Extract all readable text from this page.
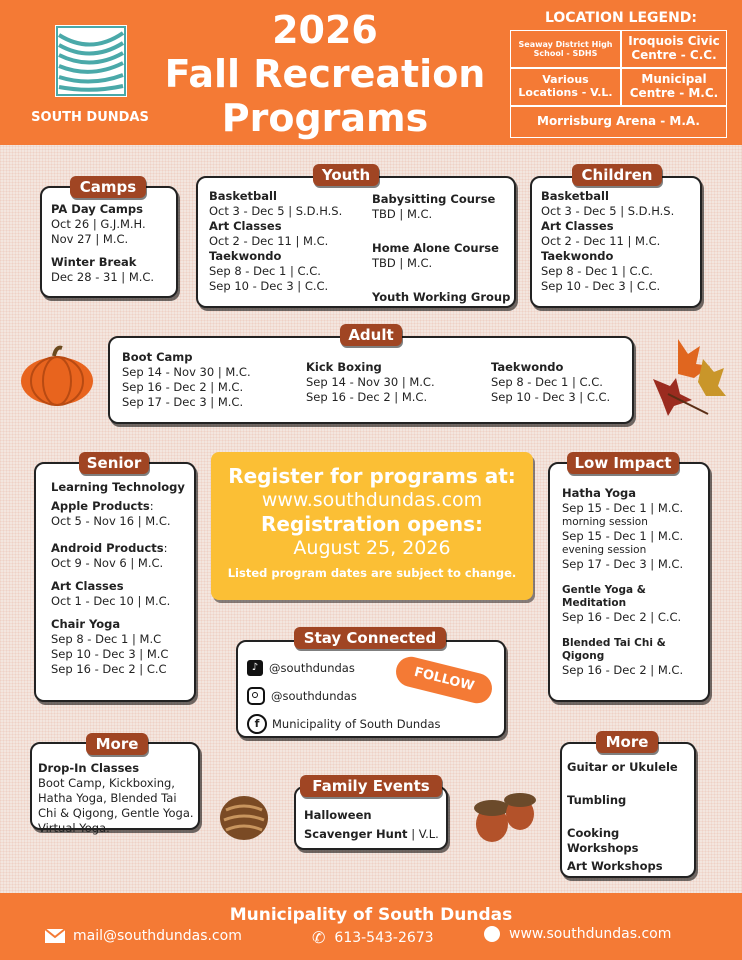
SOUTH DUNDAS
2026
Fall Recreation
Programs
LOCATION LEGEND:
Seaway District High School - SDHS
Iroquois Civic Centre - C.C.
Various Locations - V.L.
Municipal Centre - M.C.
Morrisburg Arena - M.A.
PA Day Camps
Oct 26 | G.J.M.H.
Nov 27 | M.C.
Winter Break
Dec 28 - 31 | M.C.
Camps	Basketball
Oct 3 - Dec 5 | S.D.H.S.
Art Classes
Oct 2 - Dec 11 | M.C.
Taekwondo
Sep 8 - Dec 1 | C.C.
Sep 10 - Dec 3 | C.C.
Babysitting Course
TBD | M.C.
Home Alone Course
TBD | M.C.
Youth Working Group
Youth
Basketball
Oct 3 - Dec 5 | S.D.H.S.
Art Classes
Oct 2 - Dec 11 | M.C.
Taekwondo
Sep 8 - Dec 1 | C.C.
Sep 10 - Dec 3 | C.C.
Children
Boot Camp
Sep 14 - Nov 30 | M.C.
Sep 16 - Dec 2 | M.C.
Sep 17 - Dec 3 | M.C.
Kick Boxing
Sep 14 - Nov 30 | M.C.
Sep 16 - Dec 2 | M.C.
Taekwondo
Sep 8 - Dec 1 | C.C.
Sep 10 - Dec 3 | C.C.
Adult
Learning Technology
Apple Products:
Oct 5 - Nov 16 | M.C.
Android Products:
Oct 9 - Nov 6 | M.C.
Art Classes
Oct 1 - Dec 10 | M.C.
Chair Yoga
Sep 8 - Dec 1 | M.C
Sep 10 - Dec 3 | M.C
Sep 16 - Dec 2 | C.C
Senior
Register for programs at:
www.southdundas.com
Registration opens:
August 25, 2026
Listed program dates are subject to change.
Hatha Yoga
Sep 15 - Dec 1 | M.C.
morning session
Sep 15 - Dec 1 | M.C.
evening session
Sep 17 - Dec 3 | M.C.
Gentle Yoga &
Meditation
Sep 16 - Dec 2 | C.C.
Blended Tai Chi &
Qigong
Sep 16 - Dec 2 | M.C.
Low Impact
♪ @southdundas
@southdundas
f	Municipality of South Dundas
Stay Connected
FOLLOW
Drop-In Classes
Boot Camp, Kickboxing, Hatha Yoga, Blended Tai Chi & Qigong, Gentle Yoga. Virtual Yoga.
More
Halloween
Scavenger Hunt | V.L.
Family Events
Guitar or Ukulele
Tumbling
Cooking Workshops
Art Workshops
More
Municipality of South Dundas
mail@southdundas.com	✆ 613-543-2673	www.southdundas.com
